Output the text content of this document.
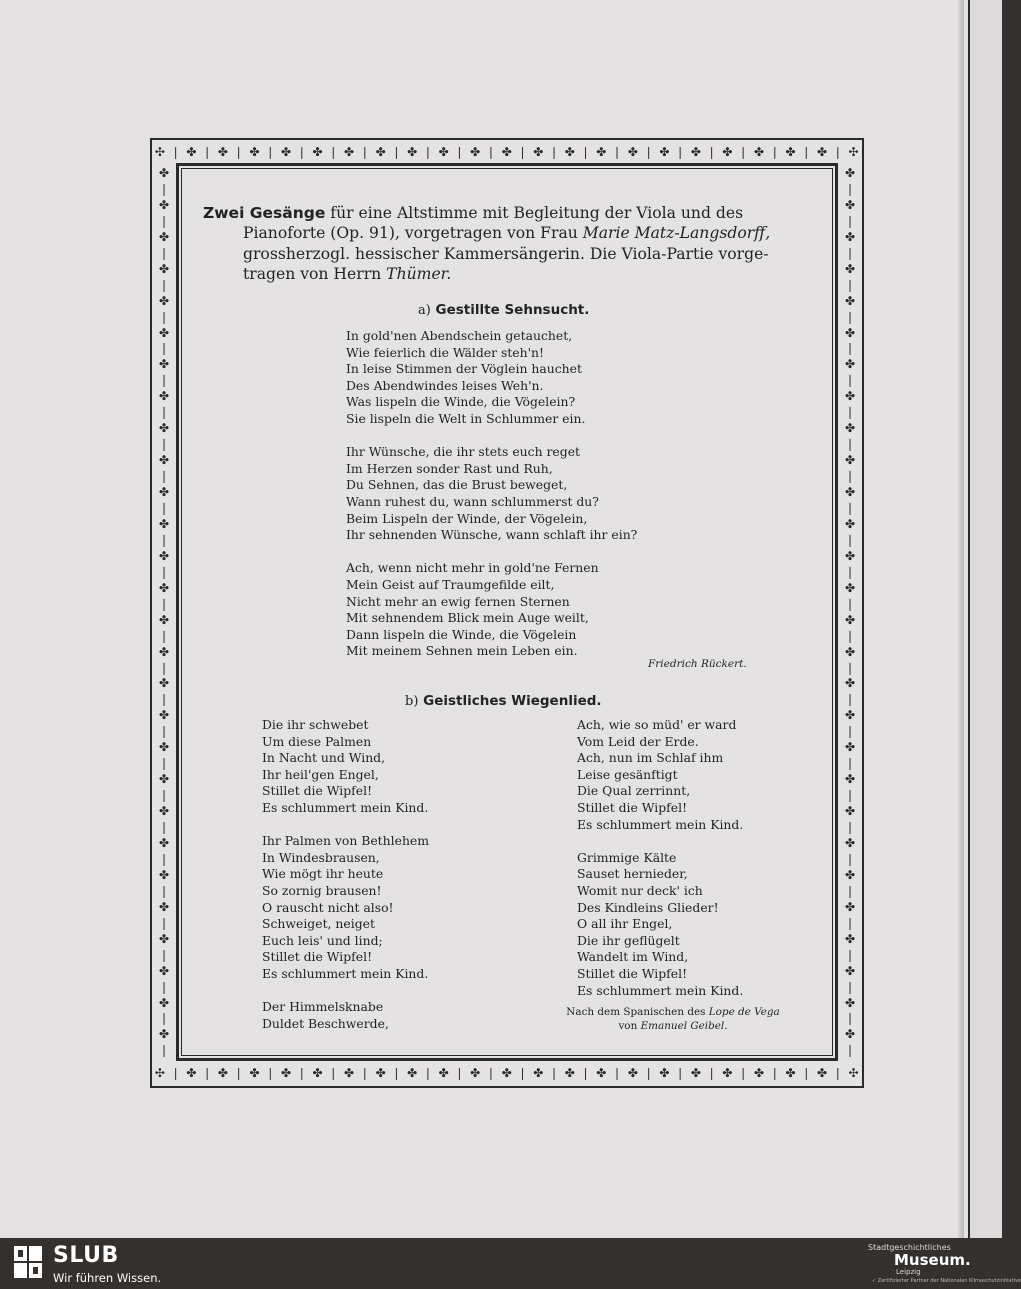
✣ ❘ ✤ ❘ ✤ ❘ ✤ ❘ ✤ ❘ ✤ ❘ ✤ ❘ ✤ ❘ ✤ ❘ ✤ ❘ ✤ ❘ ✤ ❘ ✤ ❘ ✤ ❘ ✤ ❘ ✤ ❘ ✤ ❘ ✤ ❘ ✤ ❘ ✤ ❘ ✤ ❘ ✤ ❘ ✣
✣ ❘ ✤ ❘ ✤ ❘ ✤ ❘ ✤ ❘ ✤ ❘ ✤ ❘ ✤ ❘ ✤ ❘ ✤ ❘ ✤ ❘ ✤ ❘ ✤ ❘ ✤ ❘ ✤ ❘ ✤ ❘ ✤ ❘ ✤ ❘ ✤ ❘ ✤ ❘ ✤ ❘ ✤ ❘ ✣
✤
❘
✤
❘
✤
❘
✤
❘
✤
❘
✤
❘
✤
❘
✤
❘
✤
❘
✤
❘
✤
❘
✤
❘
✤
❘
✤
❘
✤
❘
✤
❘
✤
❘
✤
❘
✤
❘
✤
❘
✤
❘
✤
❘
✤
❘
✤
❘
✤
❘
✤
❘
✤
❘
✤
❘
✤
❘
✤
❘
✤
❘
✤
❘
✤
❘
✤
❘
✤
❘
✤
❘
✤
❘
✤
❘
✤
❘
✤
❘
✤
❘
✤
❘
✤
❘
✤
❘
✤
❘
✤
❘
✤
❘
✤
❘
✤
❘
✤
❘
✤
❘
✤
❘
✤
❘
✤
❘
✤
❘
✤
❘
Zwei Gesänge für eine Altstimme mit Begleitung der Viola und des
Pianoforte (Op. 91), vorgetragen von Frau Marie Matz-Langsdorff,
grossherzogl. hessischer Kammersängerin. Die Viola-Partie vorge-
tragen von Herrn Thümer.
a) Gestillte Sehnsucht.
In gold'nen Abendschein getauchet,
Wie feierlich die Wälder steh'n!
In leise Stimmen der Vöglein hauchet
Des Abendwindes leises Weh'n.
Was lispeln die Winde, die Vögelein?
Sie lispeln die Welt in Schlummer ein.
Ihr Wünsche, die ihr stets euch reget
Im Herzen sonder Rast und Ruh,
Du Sehnen, das die Brust beweget,
Wann ruhest du, wann schlummerst du?
Beim Lispeln der Winde, der Vögelein,
Ihr sehnenden Wünsche, wann schlaft ihr ein?
Ach, wenn nicht mehr in gold'ne Fernen
Mein Geist auf Traumgefilde eilt,
Nicht mehr an ewig fernen Sternen
Mit sehnendem Blick mein Auge weilt,
Dann lispeln die Winde, die Vögelein
Mit meinem Sehnen mein Leben ein.
Friedrich Rückert.
b) Geistliches Wiegenlied.
Die ihr schwebet
Um diese Palmen
In Nacht und Wind,
Ihr heil'gen Engel,
Stillet die Wipfel!
Es schlummert mein Kind.
Ihr Palmen von Bethlehem
In Windesbrausen,
Wie mögt ihr heute
So zornig brausen!
O rauscht nicht also!
Schweiget, neiget
Euch leis' und lind;
Stillet die Wipfel!
Es schlummert mein Kind.
Der Himmelsknabe
Duldet Beschwerde,
Ach, wie so müd' er ward
Vom Leid der Erde.
Ach, nun im Schlaf ihm
Leise gesänftigt
Die Qual zerrinnt,
Stillet die Wipfel!
Es schlummert mein Kind.
Grimmige Kälte
Sauset hernieder,
Womit nur deck' ich
Des Kindleins Glieder!
O all ihr Engel,
Die ihr geflügelt
Wandelt im Wind,
Stillet die Wipfel!
Es schlummert mein Kind.
Nach dem Spanischen des Lope de Vega
von Emanuel Geibel.
SLUB
Wir führen Wissen.
Stadtgeschichtliches
Museum.
Leipzig
✓ Zertifizierter Partner der Nationalen Klimaschutzinitiative
